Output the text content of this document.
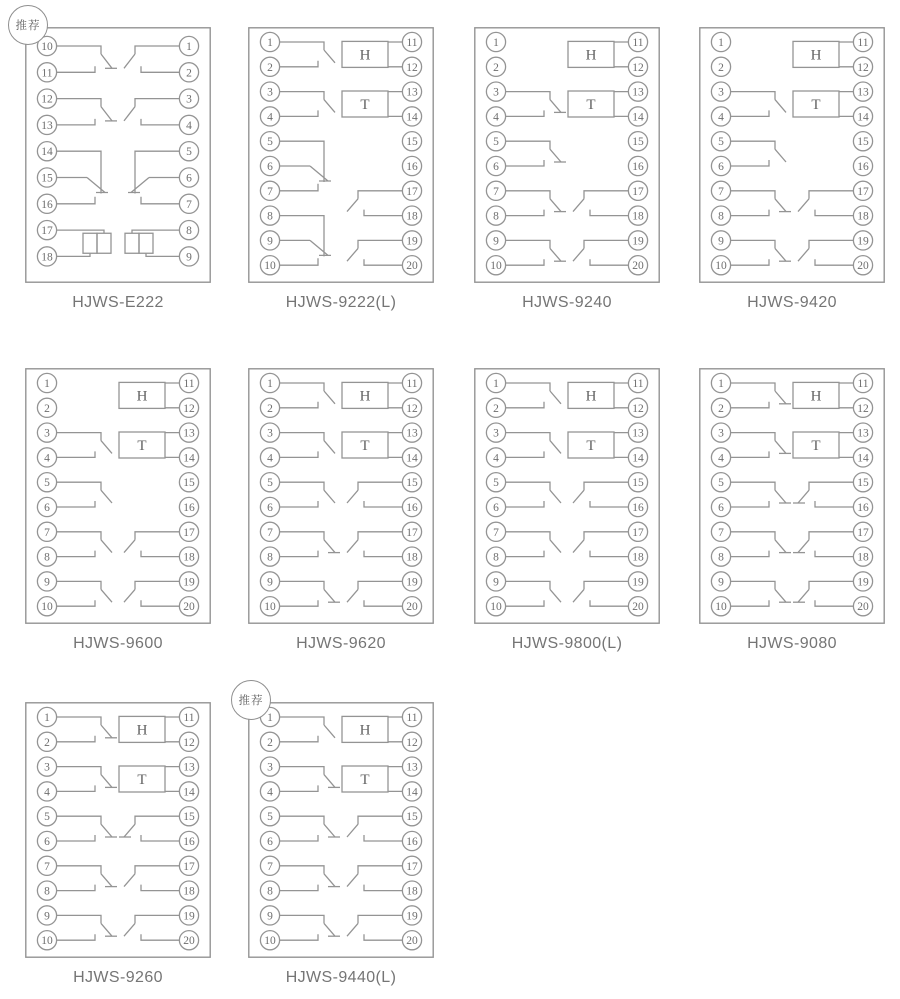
推荐
10
11
12
13
14
15
16
17
18
1
2
3
4
5
6
7
8
9
HJWS-E222
1
2
3
4
5
6
7
8
9
10
11
12
13
14
15
16
17
18
19
20
H
T
HJWS-9222(L)
1
2
3
4
5
6
7
8
9
10
11
12
13
14
15
16
17
18
19
20
H
T
HJWS-9240
1
2
3
4
5
6
7
8
9
10
11
12
13
14
15
16
17
18
19
20
H
T
HJWS-9420
1
2
3
4
5
6
7
8
9
10
11
12
13
14
15
16
17
18
19
20
H
T
HJWS-9600
1
2
3
4
5
6
7
8
9
10
11
12
13
14
15
16
17
18
19
20
H
T
HJWS-9620
1
2
3
4
5
6
7
8
9
10
11
12
13
14
15
16
17
18
19
20
H
T
HJWS-9800(L)
1
2
3
4
5
6
7
8
9
10
11
12
13
14
15
16
17
18
19
20
H
T
HJWS-9080
1
2
3
4
5
6
7
8
9
10
11
12
13
14
15
16
17
18
19
20
H
T
HJWS-9260
推荐
1
2
3
4
5
6
7
8
9
10
11
12
13
14
15
16
17
18
19
20
H
T
HJWS-9440(L)
